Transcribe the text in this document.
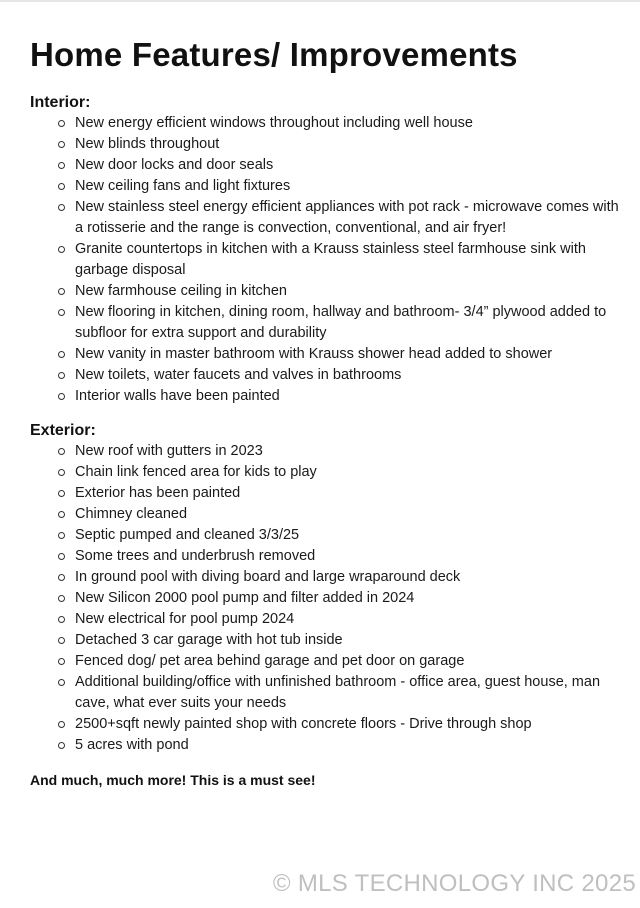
Home Features/ Improvements
Interior:
New energy efficient windows throughout including well house
New blinds throughout
New door locks and door seals
New ceiling fans and light fixtures
New stainless steel energy efficient appliances with pot rack - microwave comes with a rotisserie and the range is convection, conventional, and air fryer!
Granite countertops in kitchen with a Krauss stainless steel farmhouse sink with garbage disposal
New farmhouse ceiling in kitchen
New flooring in kitchen, dining room, hallway and bathroom- 3/4” plywood added to subfloor for extra support and durability
New vanity in master bathroom with Krauss shower head added to shower
New toilets, water faucets and valves in bathrooms
Interior walls have been painted
Exterior:
New roof with gutters in 2023
Chain link fenced area for kids to play
Exterior has been painted
Chimney cleaned
Septic pumped and cleaned 3/3/25
Some trees and underbrush removed
In ground pool with diving board and large wraparound deck
New Silicon 2000 pool pump and filter added in 2024
New electrical for pool pump 2024
Detached 3 car garage with hot tub inside
Fenced dog/ pet area behind garage and pet door on garage
Additional building/office with unfinished bathroom - office area, guest house, man cave, what ever suits your needs
2500+sqft newly painted shop with concrete floors - Drive through shop
5 acres with pond

And much, much more! This is a must see!

© MLS TECHNOLOGY INC 2025
